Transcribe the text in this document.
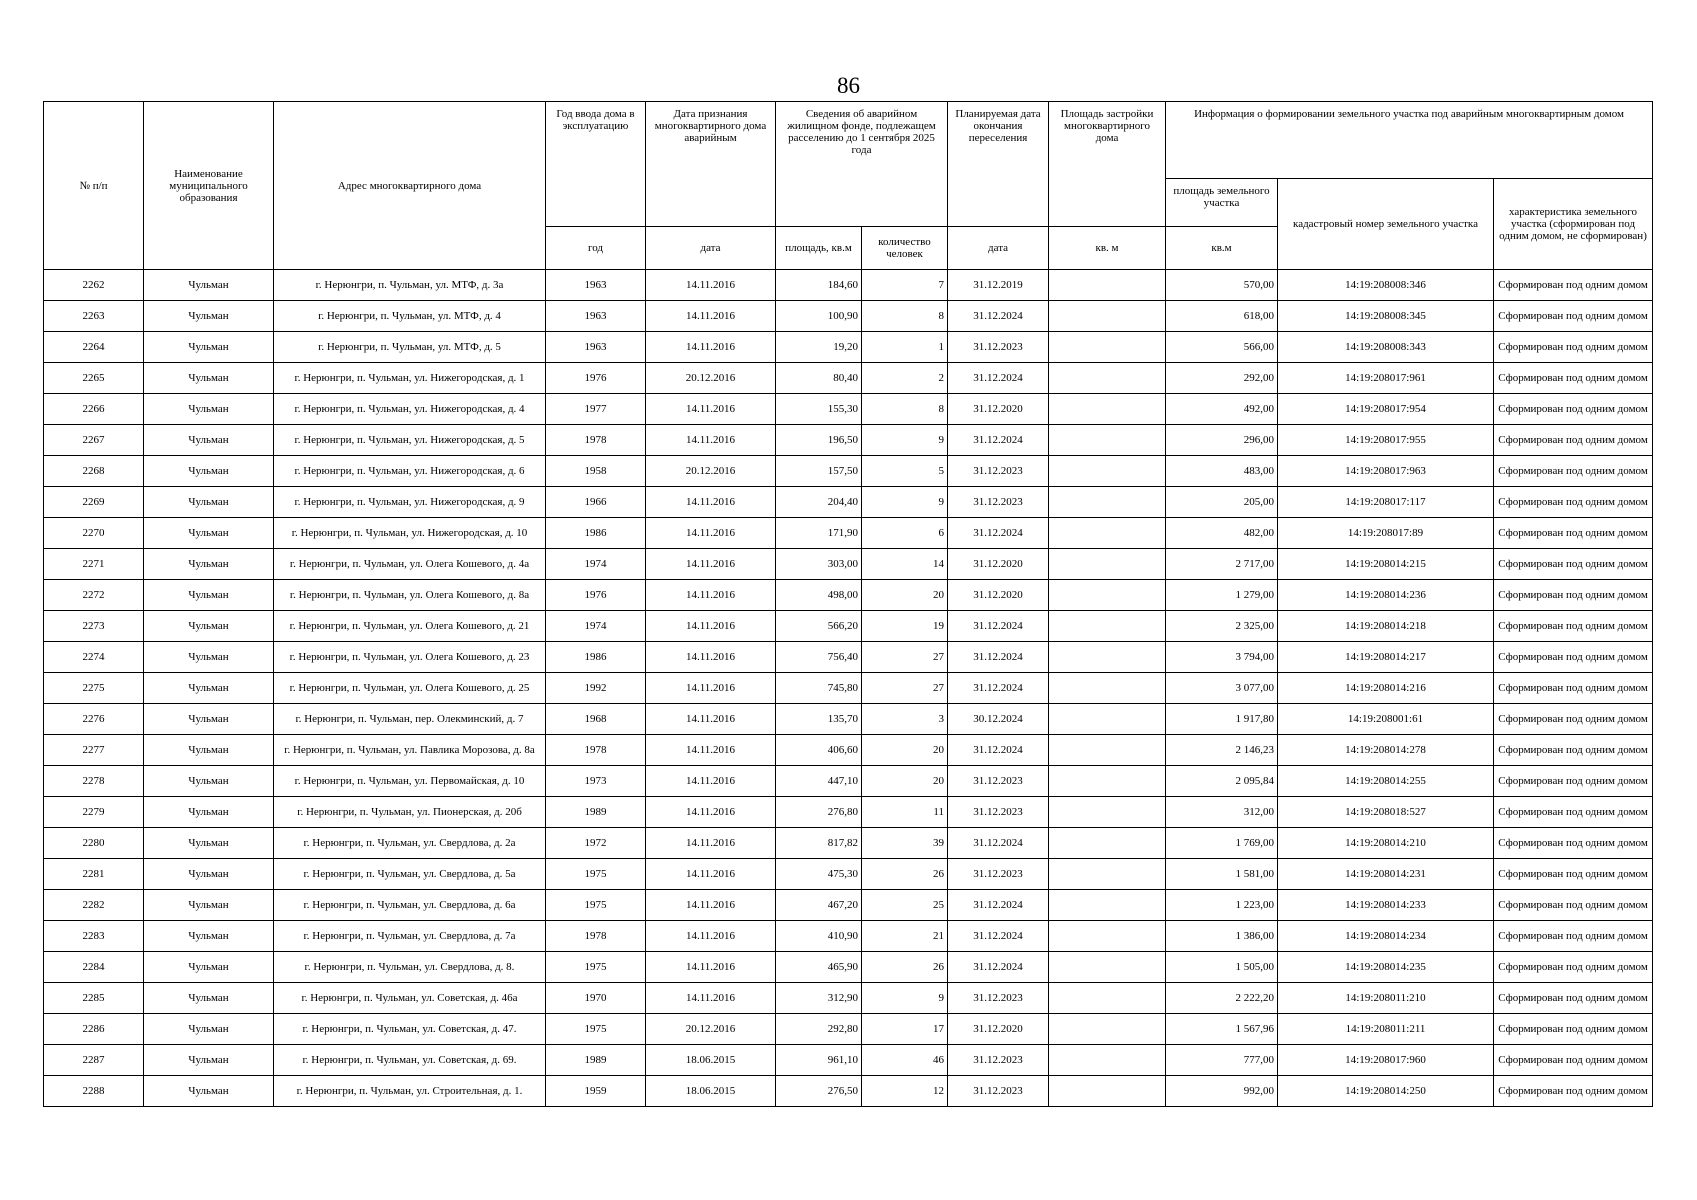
86
№ п/п	Наименование муниципального образования	Адрес многоквартирного дома	Год ввода дома в эксплуатацию	Дата признания многоквартирного дома аварийным	Сведения об аварийном жилищном фонде, подлежащем расселению до 1 сентября 2025 года		Планируемая дата окончания переселения	Площадь застройки многоквартирного дома	Информация о формировании земельного участка под аварийным многоквартирным домом		
									площадь земельного участка	кадастровый номер земельного участка	характеристика земельного участка (сформирован под одним домом, не сформирован)
			год	дата	площадь, кв.м	количество человек	дата	кв. м	кв.м		
2262	Чульман	г. Нерюнгри, п. Чульман, ул. МТФ, д. 3а	1963	14.11.2016	184,60	7	31.12.2019		570,00	14:19:208008:346	Сформирован под одним домом
2263	Чульман	г. Нерюнгри, п. Чульман, ул. МТФ, д. 4	1963	14.11.2016	100,90	8	31.12.2024		618,00	14:19:208008:345	Сформирован под одним домом
2264	Чульман	г. Нерюнгри, п. Чульман, ул. МТФ, д. 5	1963	14.11.2016	19,20	1	31.12.2023		566,00	14:19:208008:343	Сформирован под одним домом
2265	Чульман	г. Нерюнгри, п. Чульман, ул. Нижегородская, д. 1	1976	20.12.2016	80,40	2	31.12.2024		292,00	14:19:208017:961	Сформирован под одним домом
2266	Чульман	г. Нерюнгри, п. Чульман, ул. Нижегородская, д. 4	1977	14.11.2016	155,30	8	31.12.2020		492,00	14:19:208017:954	Сформирован под одним домом
2267	Чульман	г. Нерюнгри, п. Чульман, ул. Нижегородская, д. 5	1978	14.11.2016	196,50	9	31.12.2024		296,00	14:19:208017:955	Сформирован под одним домом
2268	Чульман	г. Нерюнгри, п. Чульман, ул. Нижегородская, д. 6	1958	20.12.2016	157,50	5	31.12.2023		483,00	14:19:208017:963	Сформирован под одним домом
2269	Чульман	г. Нерюнгри, п. Чульман, ул. Нижегородская, д. 9	1966	14.11.2016	204,40	9	31.12.2023		205,00	14:19:208017:117	Сформирован под одним домом
2270	Чульман	г. Нерюнгри, п. Чульман, ул. Нижегородская, д. 10	1986	14.11.2016	171,90	6	31.12.2024		482,00	14:19:208017:89	Сформирован под одним домом
2271	Чульман	г. Нерюнгри, п. Чульман, ул. Олега Кошевого, д. 4а	1974	14.11.2016	303,00	14	31.12.2020		2 717,00	14:19:208014:215	Сформирован под одним домом
2272	Чульман	г. Нерюнгри, п. Чульман, ул. Олега Кошевого, д. 8а	1976	14.11.2016	498,00	20	31.12.2020		1 279,00	14:19:208014:236	Сформирован под одним домом
2273	Чульман	г. Нерюнгри, п. Чульман, ул. Олега Кошевого, д. 21	1974	14.11.2016	566,20	19	31.12.2024		2 325,00	14:19:208014:218	Сформирован под одним домом
2274	Чульман	г. Нерюнгри, п. Чульман, ул. Олега Кошевого, д. 23	1986	14.11.2016	756,40	27	31.12.2024		3 794,00	14:19:208014:217	Сформирован под одним домом
2275	Чульман	г. Нерюнгри, п. Чульман, ул. Олега Кошевого, д. 25	1992	14.11.2016	745,80	27	31.12.2024		3 077,00	14:19:208014:216	Сформирован под одним домом
2276	Чульман	г. Нерюнгри, п. Чульман, пер. Олекминский, д. 7	1968	14.11.2016	135,70	3	30.12.2024		1 917,80	14:19:208001:61	Сформирован под одним домом
2277	Чульман	г. Нерюнгри, п. Чульман, ул. Павлика Морозова, д. 8а	1978	14.11.2016	406,60	20	31.12.2024		2 146,23	14:19:208014:278	Сформирован под одним домом
2278	Чульман	г. Нерюнгри, п. Чульман, ул. Первомайская, д. 10	1973	14.11.2016	447,10	20	31.12.2023		2 095,84	14:19:208014:255	Сформирован под одним домом
2279	Чульман	г. Нерюнгри, п. Чульман, ул. Пионерская, д. 20б	1989	14.11.2016	276,80	11	31.12.2023		312,00	14:19:208018:527	Сформирован под одним домом
2280	Чульман	г. Нерюнгри, п. Чульман, ул. Свердлова, д. 2а	1972	14.11.2016	817,82	39	31.12.2024		1 769,00	14:19:208014:210	Сформирован под одним домом
2281	Чульман	г. Нерюнгри, п. Чульман, ул. Свердлова, д. 5а	1975	14.11.2016	475,30	26	31.12.2023		1 581,00	14:19:208014:231	Сформирован под одним домом
2282	Чульман	г. Нерюнгри, п. Чульман, ул. Свердлова, д. 6а	1975	14.11.2016	467,20	25	31.12.2024		1 223,00	14:19:208014:233	Сформирован под одним домом
2283	Чульман	г. Нерюнгри, п. Чульман, ул. Свердлова, д. 7а	1978	14.11.2016	410,90	21	31.12.2024		1 386,00	14:19:208014:234	Сформирован под одним домом
2284	Чульман	г. Нерюнгри, п. Чульман, ул. Свердлова, д. 8.	1975	14.11.2016	465,90	26	31.12.2024		1 505,00	14:19:208014:235	Сформирован под одним домом
2285	Чульман	г. Нерюнгри, п. Чульман, ул. Советская, д. 46а	1970	14.11.2016	312,90	9	31.12.2023		2 222,20	14:19:208011:210	Сформирован под одним домом
2286	Чульман	г. Нерюнгри, п. Чульман, ул. Советская, д. 47.	1975	20.12.2016	292,80	17	31.12.2020		1 567,96	14:19:208011:211	Сформирован под одним домом
2287	Чульман	г. Нерюнгри, п. Чульман, ул. Советская, д. 69.	1989	18.06.2015	961,10	46	31.12.2023		777,00	14:19:208017:960	Сформирован под одним домом
2288	Чульман	г. Нерюнгри, п. Чульман, ул. Строительная, д. 1.	1959	18.06.2015	276,50	12	31.12.2023		992,00	14:19:208014:250	Сформирован под одним домом
